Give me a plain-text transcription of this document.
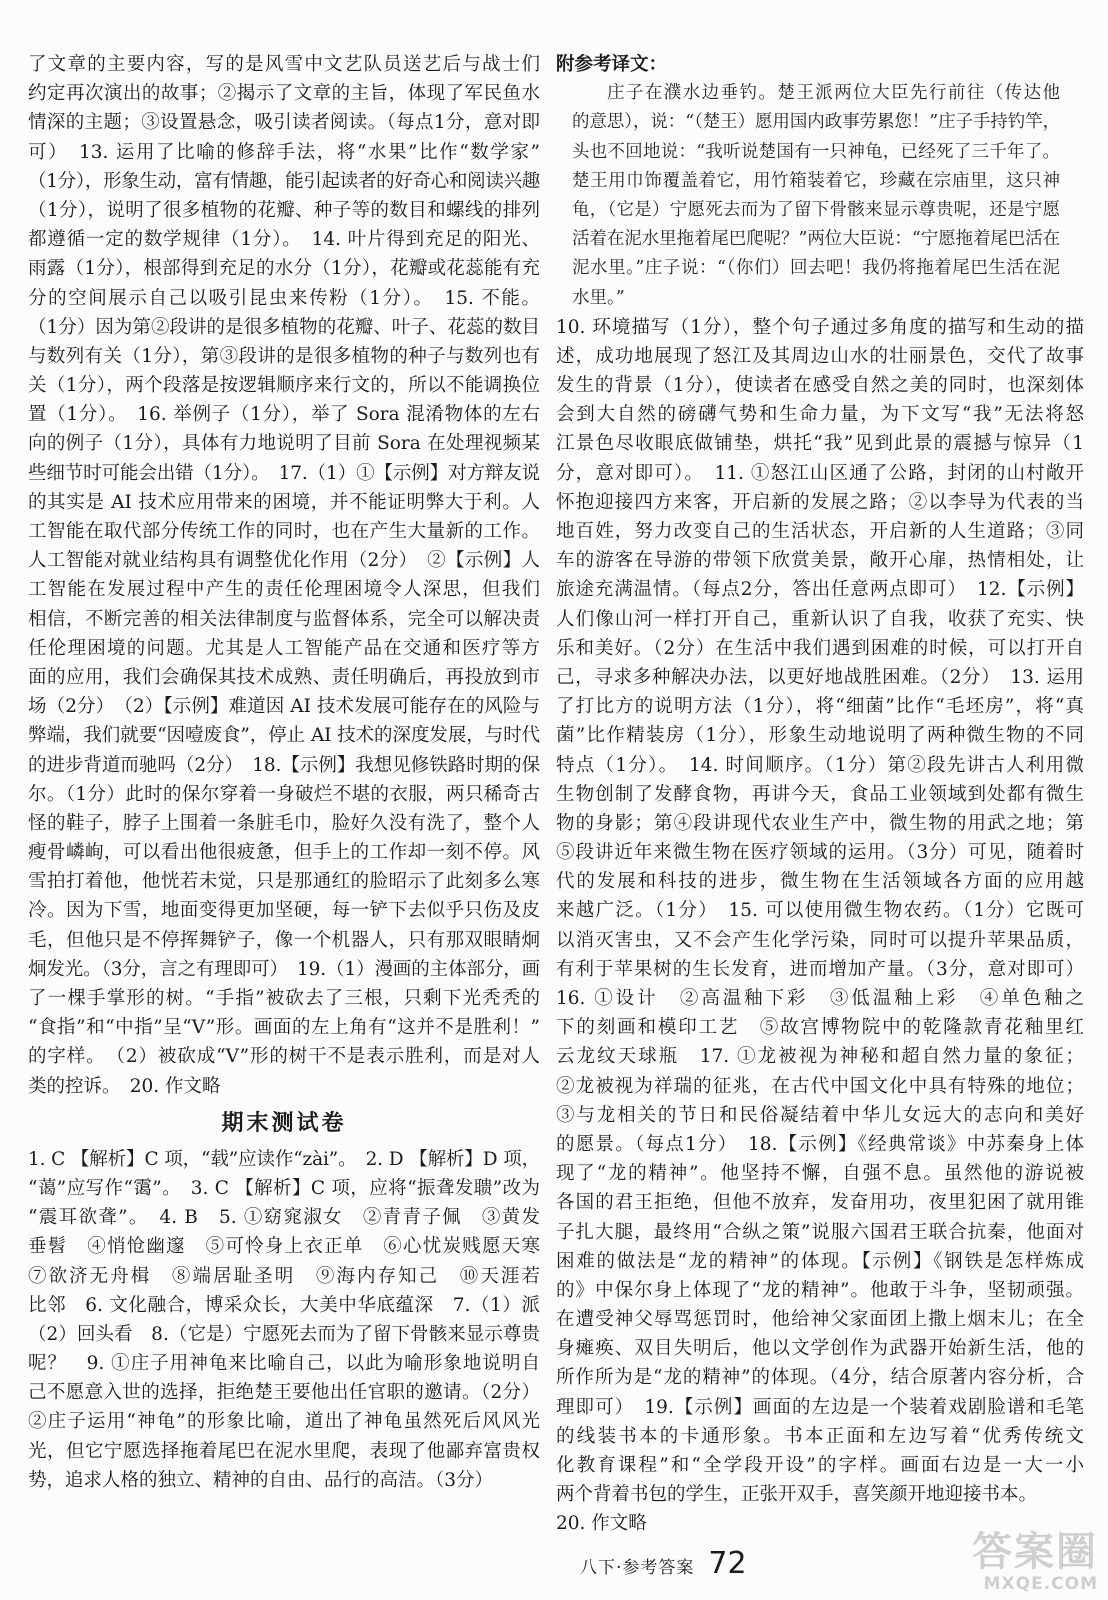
了文章的主要内容，写的是风雪中文艺队员送艺后与战士们
约定再次演出的故事；②揭示了文章的主旨，体现了军民鱼水
情深的主题；③设置悬念，吸引读者阅读。（每点1分，意对即
可）　13. 运用了比喻的修辞手法，将“水果”比作“数学家”
（1分），形象生动，富有情趣，能引起读者的好奇心和阅读兴趣
（1分），说明了很多植物的花瓣、种子等的数目和螺线的排列
都遵循一定的数学规律（1分）。　14. 叶片得到充足的阳光、
雨露（1分），根部得到充足的水分（1分），花瓣或花蕊能有充
分的空间展示自己以吸引昆虫来传粉（1分）。　15. 不能。
（1分）因为第②段讲的是很多植物的花瓣、叶子、花蕊的数目
与数列有关（1分），第③段讲的是很多植物的种子与数列也有
关（1分），两个段落是按逻辑顺序来行文的，所以不能调换位
置（1分）。　16. 举例子（1分），举了 Sora 混淆物体的左右
向的例子（1分），具体有力地说明了目前 Sora 在处理视频某
些细节时可能会出错（1分）。　17.（1）①【示例】对方辩友说
的其实是 AI 技术应用带来的困境，并不能证明弊大于利。人
工智能在取代部分传统工作的同时，也在产生大量新的工作。
人工智能对就业结构具有调整优化作用（2分）　②【示例】人
工智能在发展过程中产生的责任伦理困境令人深思，但我们
相信，不断完善的相关法律制度与监督体系，完全可以解决责
任伦理困境的问题。尤其是人工智能产品在交通和医疗等方
面的应用，我们会确保其技术成熟、责任明确后，再投放到市
场（2分）　（2）【示例】难道因 AI 技术发展可能存在的风险与
弊端，我们就要“因噎废食”，停止 AI 技术的深度发展，与时代
的进步背道而驰吗（2分）　18.【示例】我想见修铁路时期的保
尔。（1分）此时的保尔穿着一身破烂不堪的衣服，两只稀奇古
怪的鞋子，脖子上围着一条脏毛巾，脸好久没有洗了，整个人
瘦骨嶙峋，可以看出他很疲惫，但手上的工作却一刻不停。风
雪拍打着他，他恍若未觉，只是那通红的脸昭示了此刻多么寒
冷。因为下雪，地面变得更加坚硬，每一铲下去似乎只伤及皮
毛，但他只是不停挥舞铲子，像一个机器人，只有那双眼睛炯
炯发光。（3分，言之有理即可）　19.（1）漫画的主体部分，画
了一棵手掌形的树。“手指”被砍去了三根，只剩下光秃秃的
“食指”和“中指”呈“V”形。画面的左上角有“这并不是胜利！”
的字样。　（2）被砍成“V”形的树干不是表示胜利，而是对人
类的控诉。　20. 作文略
期末测试卷
1. C 【解析】C 项，“载”应读作“zài”。　2. D 【解析】D 项，
“蔼”应写作“霭”。　3. C 【解析】C 项，应将“振聋发聩”改为
“震耳欲聋”。　4. B　5. ①窈窕淑女　②青青子佩　③黄发
垂髫　④悄怆幽邃　⑤可怜身上衣正单　⑥心忧炭贱愿天寒
⑦欲济无舟楫　⑧端居耻圣明　⑨海内存知己　⑩天涯若
比邻　6. 文化融合，博采众长，大美中华底蕴深　7.（1）派
（2）回头看　8.（它是）宁愿死去而为了留下骨骸来显示尊贵
呢？　9. ①庄子用神龟来比喻自己，以此为喻形象地说明自
己不愿意入世的选择，拒绝楚王要他出任官职的邀请。（2分）
②庄子运用“神龟”的形象比喻，道出了神龟虽然死后风风光
光，但它宁愿选择拖着尾巴在泥水里爬，表现了他鄙弃富贵权
势，追求人格的独立、精神的自由、品行的高洁。（3分）
附参考译文：
庄子在濮水边垂钓。楚王派两位大臣先行前往（传达他
的意思），说：“（楚王）愿用国内政事劳累您！”庄子手持钓竿，
头也不回地说：“我听说楚国有一只神龟，已经死了三千年了。
楚王用巾饰覆盖着它，用竹箱装着它，珍藏在宗庙里，这只神
龟，（它是）宁愿死去而为了留下骨骸来显示尊贵呢，还是宁愿
活着在泥水里拖着尾巴爬呢？”两位大臣说：“宁愿拖着尾巴活在
泥水里。”庄子说：“（你们）回去吧！我仍将拖着尾巴生活在泥
水里。”
10. 环境描写（1分），整个句子通过多角度的描写和生动的描
述，成功地展现了怒江及其周边山水的壮丽景色，交代了故事
发生的背景（1分），使读者在感受自然之美的同时，也深刻体
会到大自然的磅礴气势和生命力量，为下文写“我”无法将怒
江景色尽收眼底做铺垫，烘托“我”见到此景的震撼与惊异（1
分，意对即可）。　11. ①怒江山区通了公路，封闭的山村敞开
怀抱迎接四方来客，开启新的发展之路；②以李导为代表的当
地百姓，努力改变自己的生活状态，开启新的人生道路；③同
车的游客在导游的带领下欣赏美景，敞开心扉，热情相处，让
旅途充满温情。（每点2分，答出任意两点即可）　12.【示例】
人们像山河一样打开自己，重新认识了自我，收获了充实、快
乐和美好。（2分）在生活中我们遇到困难的时候，可以打开自
己，寻求多种解决办法，以更好地战胜困难。（2分）　13. 运用
了打比方的说明方法（1分），将“细菌”比作“毛坯房”，将“真
菌”比作精装房（1分），形象生动地说明了两种微生物的不同
特点（1分）。　14. 时间顺序。（1分）第②段先讲古人利用微
生物创制了发酵食物，再讲今天，食品工业领域到处都有微生
物的身影；第④段讲现代农业生产中，微生物的用武之地；第
⑤段讲近年来微生物在医疗领域的运用。（3分）可见，随着时
代的发展和科技的进步，微生物在生活领域各方面的应用越
来越广泛。（1分）　15. 可以使用微生物农药。（1分）它既可
以消灭害虫，又不会产生化学污染，同时可以提升苹果品质，
有利于苹果树的生长发育，进而增加产量。（3分，意对即可）
16. ①设计　②高温釉下彩　③低温釉上彩　④单色釉之
下的刻画和模印工艺　⑤故宫博物院中的乾隆款青花釉里红
云龙纹天球瓶　17. ①龙被视为神秘和超自然力量的象征；
②龙被视为祥瑞的征兆，在古代中国文化中具有特殊的地位；
③与龙相关的节日和民俗凝结着中华儿女远大的志向和美好
的愿景。（每点1分）　18.【示例】《经典常谈》中苏秦身上体
现了“龙的精神”。他坚持不懈，自强不息。虽然他的游说被
各国的君王拒绝，但他不放弃，发奋用功，夜里犯困了就用锥
子扎大腿，最终用“合纵之策”说服六国君王联合抗秦，他面对
困难的做法是“龙的精神”的体现。【示例】《钢铁是怎样炼成
的》中保尔身上体现了“龙的精神”。他敢于斗争，坚韧顽强。
在遭受神父辱骂惩罚时，他给神父家面团上撒上烟末儿；在全
身瘫痪、双目失明后，他以文学创作为武器开始新生活，他的
所作所为是“龙的精神”的体现。（4分，结合原著内容分析，合
理即可）　19.【示例】画面的左边是一个装着戏剧脸谱和毛笔
的线装书本的卡通形象。书本正面和左边写着“优秀传统文
化教育课程”和“全学段开设”的字样。画面右边是一大一小
两个背着书包的学生，正张开双手，喜笑颜开地迎接书本。
20. 作文略
八下·参考答案 72	答案圈
MXQE.COM
